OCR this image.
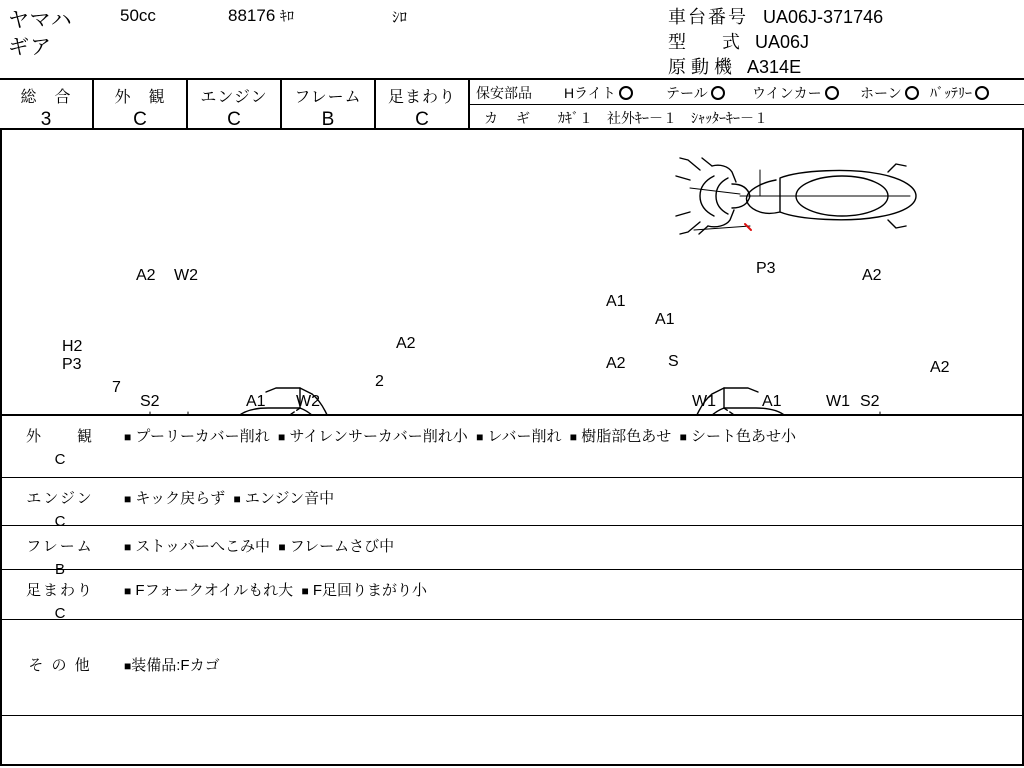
ヤマハ
ギア
50cc	88176 ｷﾛ	ｼﾛ	車台番号 UA06J-371746
型　　式 UA06J
原 動 機 A314E
総　合
3
外　観
C
エンジン
C
フレーム
B
足まわり
C
保安部品 Hライト	テール	ウインカー	ホーン	ﾊﾞｯﾃﾘｰ
カ　ギ ｶｷﾞ１　社外ｷｰ－１　ｼｬｯﾀｰｷｰ－１
P3
A1
S
A2 W2
H2
P3
A2
7
S2	A1 W2
2
A1
A2
A2	A2
W1	A1	W1 S2
外　　観
C
■ プーリーカバー削れ ■ サイレンサーカバー削れ小 ■ レバー削れ ■ 樹脂部色あせ ■ シート色あせ小
エンジン
C
■ キック戻らず ■ エンジン音中
フレーム
B
■ ストッパーへこみ中 ■ フレームさび中
足まわり
C
■ Fフォークオイルもれ大 ■ F足回りまがり小
そ の 他	■装備品:Fカゴ
